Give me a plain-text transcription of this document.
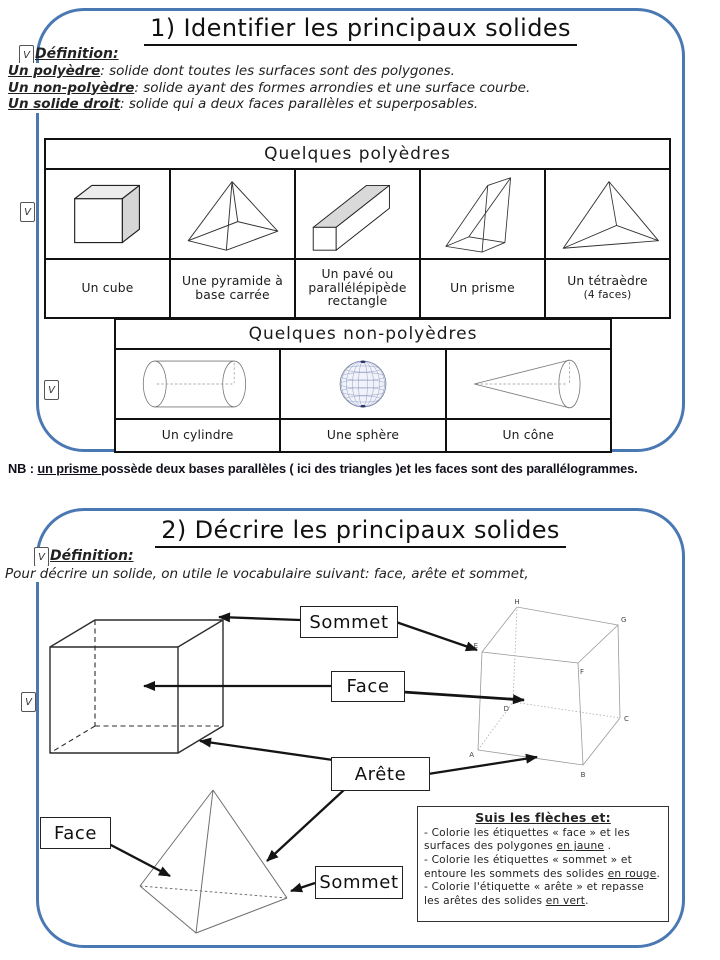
1) Identifier les principaux solides
V Définition:
Un polyèdre: solide dont toutes les surfaces sont des polygones.
Un non-polyèdre: solide ayant des formes arrondies et une surface courbe.
Un solide droit: solide qui a deux faces parallèles et superposables.
V
V
Quelques polyèdres				

Un cube	Une pyramide à base carrée	Un pavé ou parallélépipède rectangle	Un prisme	Un tétraèdre
(4 faces)
Quelques non-polyèdres		

Un cylindre	Une sphère	Un cône
NB : un prisme possède deux bases parallèles ( ici des triangles )et les faces sont des parallélogrammes.
2) Décrire les principaux solides
V Définition:
Pour décrire un solide, on utile le vocabulaire suivant: face, arête et sommet,
V
A
B
C
D
E
F
G
H
Sommet
Face
Arête
Face
Sommet
Suis les flèches et:
- Colorie les étiquettes « face » et les surfaces des polygones en jaune .
- Colorie les étiquettes « sommet » et entoure les sommets des solides en rouge.
- Colorie l'étiquette « arête » et repasse les arêtes des solides en vert.
